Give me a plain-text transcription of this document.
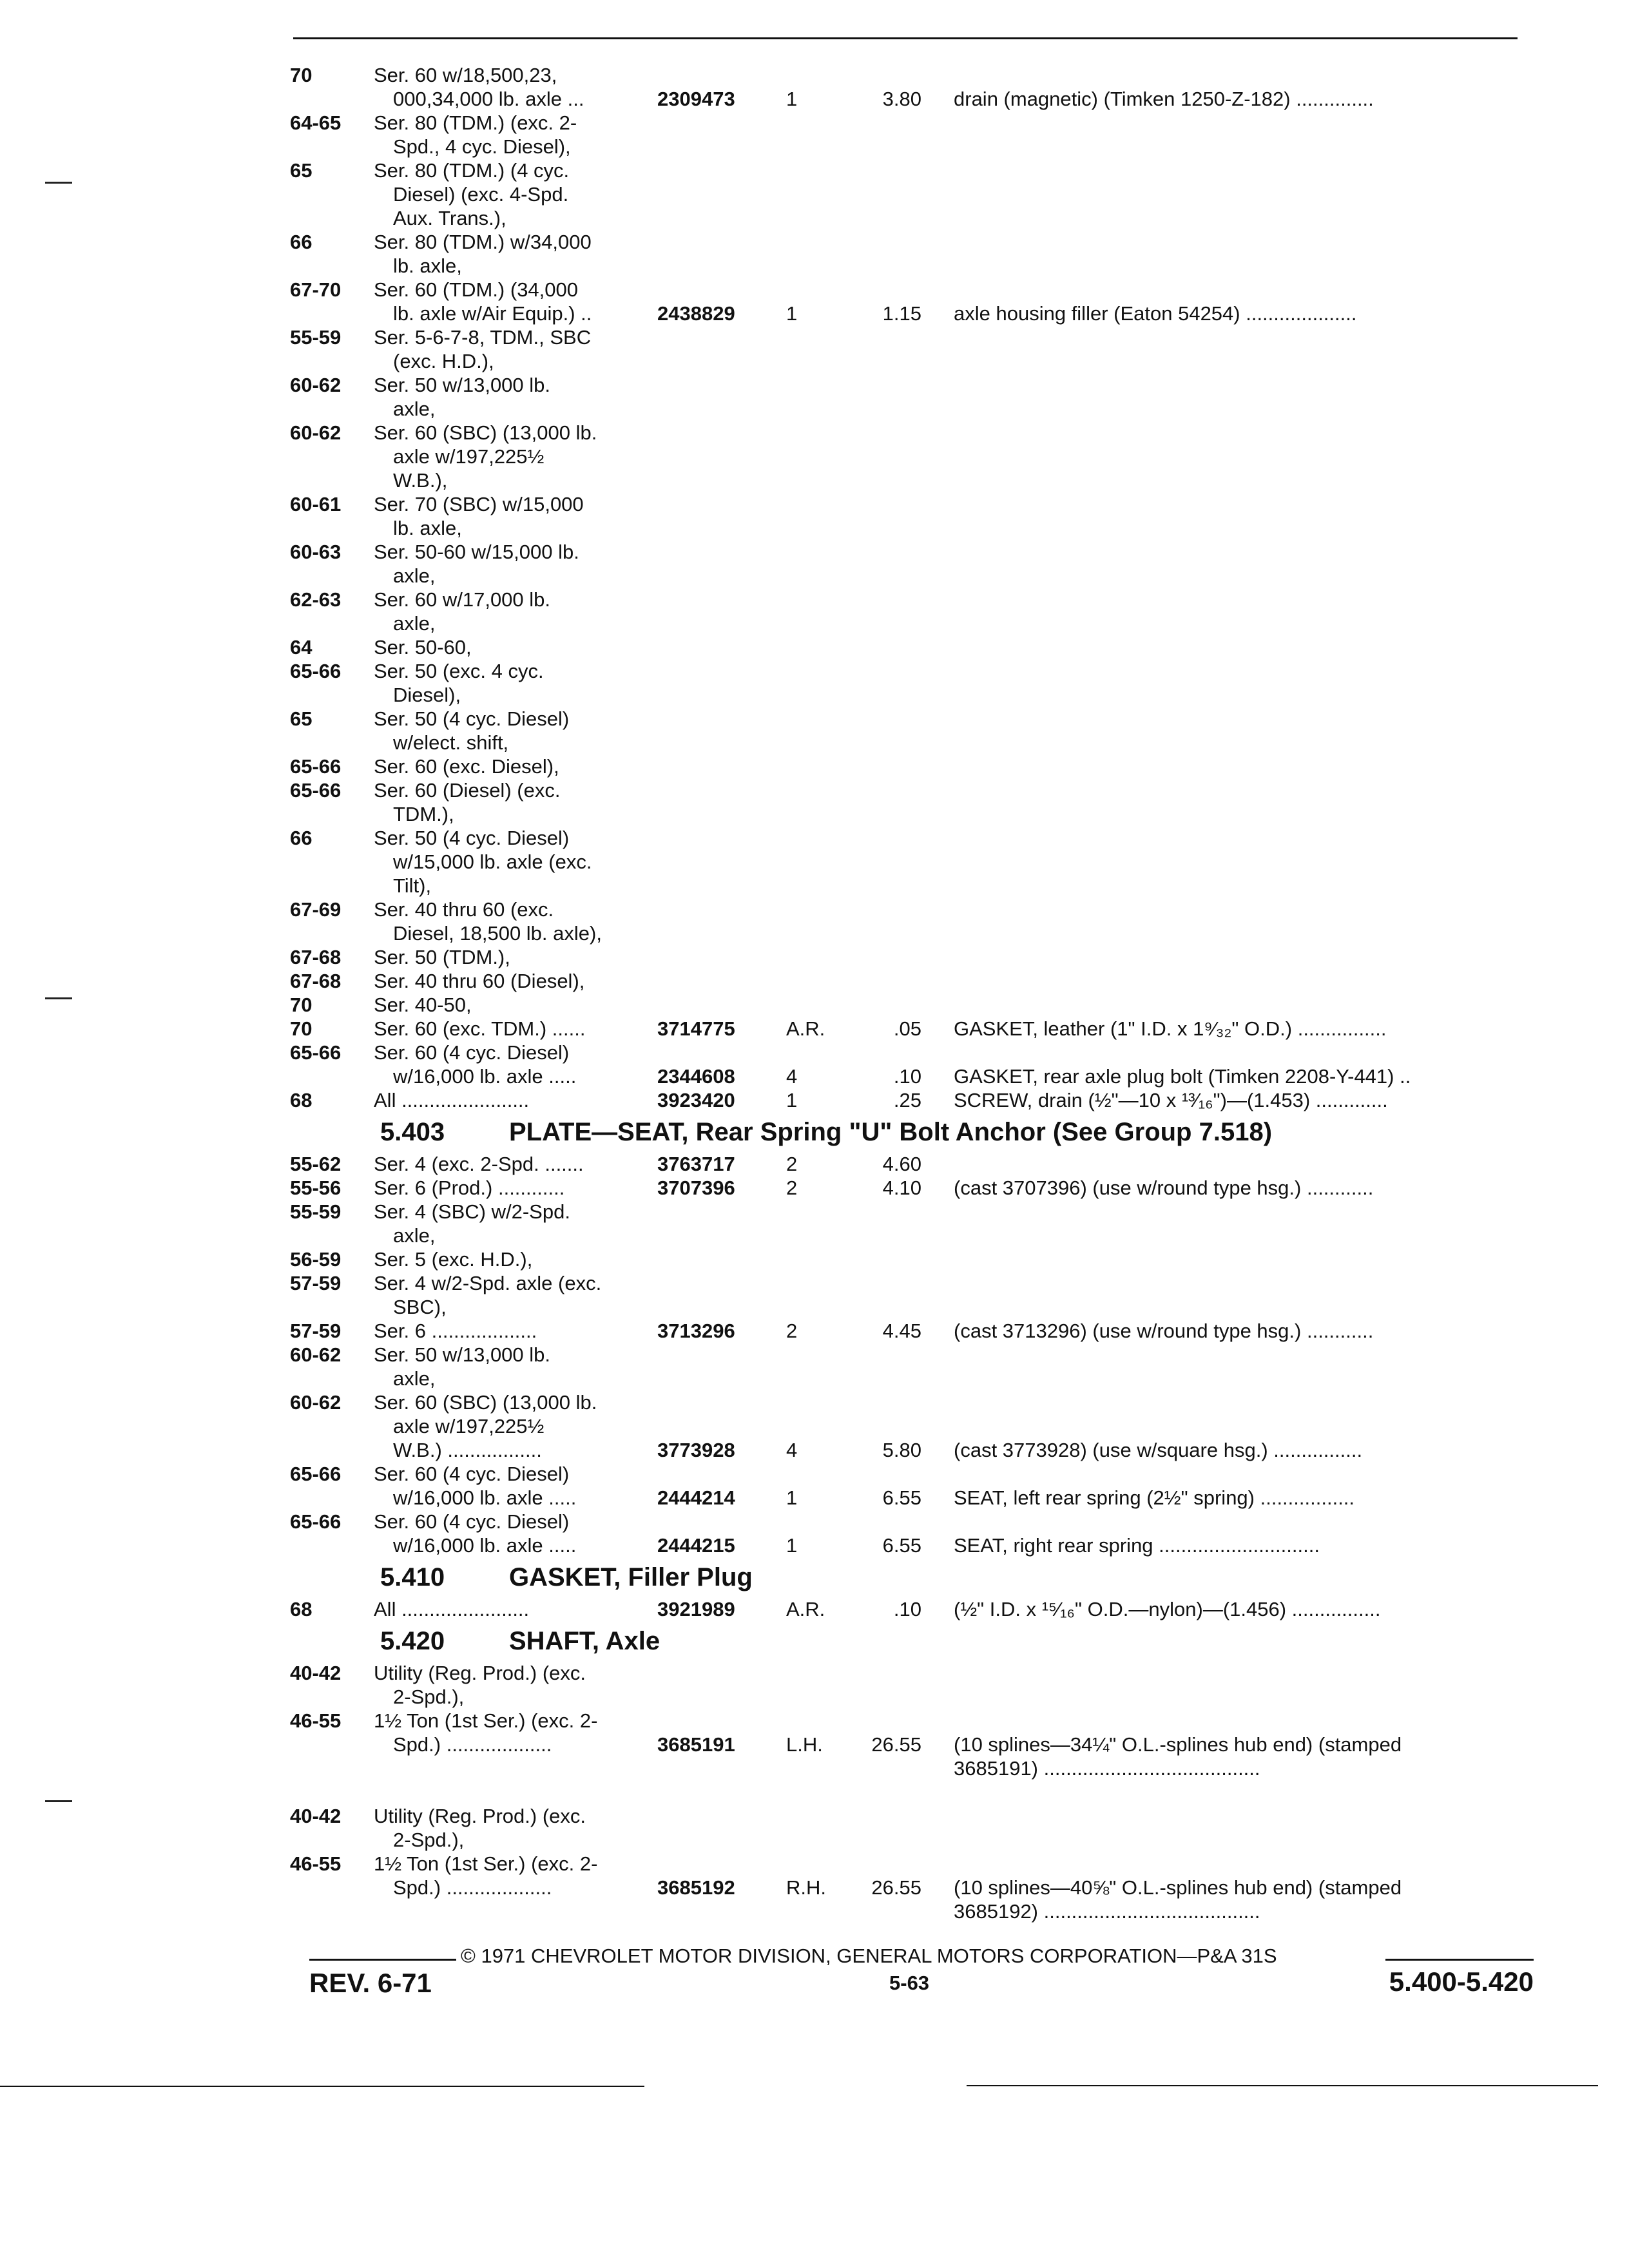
70	Ser. 60 w/18,500,23,
000,34,000 lb. axle ...	2309473	1	3.80 drain (magnetic) (Timken 1250-Z-182) ..............
64-65 Ser. 80 (TDM.) (exc. 2-
Spd., 4 cyc. Diesel),
65	Ser. 80 (TDM.) (4 cyc.
Diesel) (exc. 4-Spd.
Aux. Trans.),
66	Ser. 80 (TDM.) w/34,000
lb. axle,
67-70 Ser. 60 (TDM.) (34,000
lb. axle w/Air Equip.) ..	2438829	1	1.15 axle housing filler (Eaton 54254) ....................
55-59 Ser. 5-6-7-8, TDM., SBC
(exc. H.D.),
60-62 Ser. 50 w/13,000 lb.
axle,
60-62 Ser. 60 (SBC) (13,000 lb.
axle w/197,225½
W.B.),
60-61 Ser. 70 (SBC) w/15,000
lb. axle,
60-63 Ser. 50-60 w/15,000 lb.
axle,
62-63 Ser. 60 w/17,000 lb.
axle,
64	Ser. 50-60,
65-66 Ser. 50 (exc. 4 cyc.
Diesel),
65	Ser. 50 (4 cyc. Diesel)
w/elect. shift,
65-66 Ser. 60 (exc. Diesel),
65-66 Ser. 60 (Diesel) (exc.
TDM.),
66	Ser. 50 (4 cyc. Diesel)
w/15,000 lb. axle (exc.
Tilt),
67-69 Ser. 40 thru 60 (exc.
Diesel, 18,500 lb. axle),
67-68 Ser. 50 (TDM.),
67-68 Ser. 40 thru 60 (Diesel),
70	Ser. 40-50,
70	Ser. 60 (exc. TDM.) ......	3714775	A.R.	.05 GASKET, leather (1" I.D. x 1⁹⁄₃₂" O.D.) ................
65-66 Ser. 60 (4 cyc. Diesel)
w/16,000 lb. axle .....	2344608	4	.10 GASKET, rear axle plug bolt (Timken 2208-Y-441) ..
68	All .......................	3923420	1	.25 SCREW, drain (½"—10 x ¹³⁄₁₆")—(1.453) .............
5.403 PLATE—SEAT, Rear Spring "U" Bolt Anchor (See Group 7.518)
55-62 Ser. 4 (exc. 2-Spd. .......	3763717	2	4.60
55-56 Ser. 6 (Prod.) ............	3707396	2	4.10 (cast 3707396) (use w/round type hsg.) ............
55-59 Ser. 4 (SBC) w/2-Spd.
axle,
56-59 Ser. 5 (exc. H.D.),
57-59 Ser. 4 w/2-Spd. axle (exc.
SBC),
57-59 Ser. 6 ...................	3713296	2	4.45 (cast 3713296) (use w/round type hsg.) ............
60-62 Ser. 50 w/13,000 lb.
axle,
60-62 Ser. 60 (SBC) (13,000 lb.
axle w/197,225½
W.B.) .................	3773928	4	5.80 (cast 3773928) (use w/square hsg.) ................
65-66 Ser. 60 (4 cyc. Diesel)
w/16,000 lb. axle .....	2444214	1	6.55 SEAT, left rear spring (2½" spring) .................
65-66 Ser. 60 (4 cyc. Diesel)
w/16,000 lb. axle .....	2444215	1	6.55 SEAT, right rear spring .............................
5.410 GASKET, Filler Plug
68	All .......................	3921989	A.R.	.10 (½" I.D. x ¹⁵⁄₁₆" O.D.—nylon)—(1.456) ................
5.420 SHAFT, Axle
40-42 Utility (Reg. Prod.) (exc.
2-Spd.),
46-55 1½ Ton (1st Ser.) (exc. 2-
Spd.) ...................	3685191	L.H.	26.55 (10 splines—34¼" O.L.-splines hub end) (stamped
3685191) .......................................
40-42 Utility (Reg. Prod.) (exc.
2-Spd.),
46-55 1½ Ton (1st Ser.) (exc. 2-
Spd.) ...................	3685192	R.H.	26.55 (10 splines—40⅝" O.L.-splines hub end) (stamped
3685192) .......................................
© 1971 CHEVROLET MOTOR DIVISION, GENERAL MOTORS CORPORATION—P&A 31S
REV. 6-71	5-63	5.400-5.420
